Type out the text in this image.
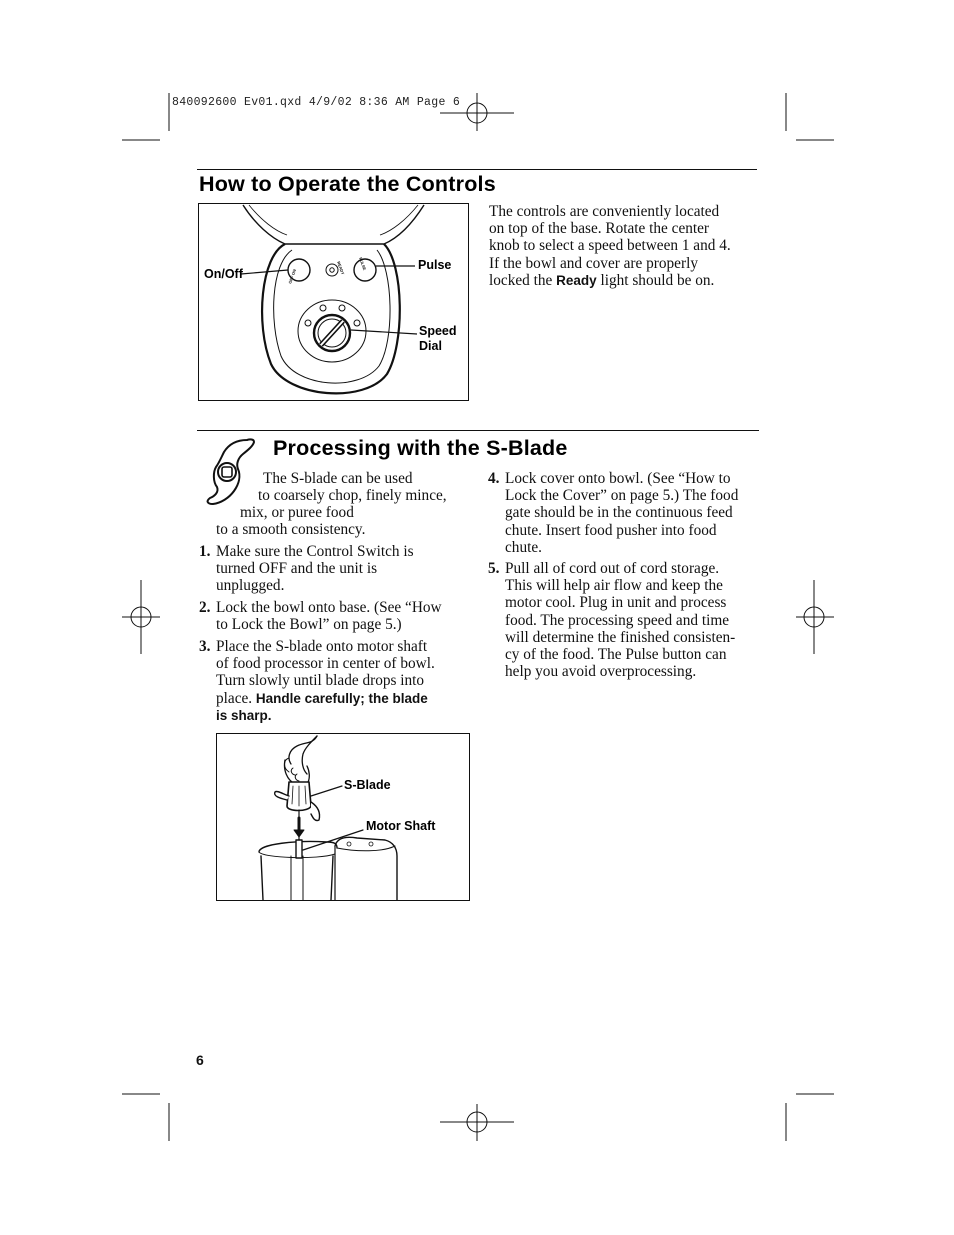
840092600 Ev01.qxd 4/9/02 8:36 AM Page 6
How to Operate the Controls
OFF ON
PULSE
READY
On/Off
Pulse
Speed
Dial

The controls are conveniently located

on top of the base. Rotate the center

knob to select a speed between 1 and 4.

If the bowl and cover are properly

locked the Ready light should be on.

Processing with the S-Blade
The S-blade can be used
to coarsely chop, finely mince,
mix, or puree food
to a smooth consistency.
1. Make sure the Control Switch is

turned OFF and the unit is

unplugged.

2. Lock the bowl onto base. (See “How

to Lock the Bowl” on page 5.)

3. Place the S-blade onto motor shaft

of food processor in center of bowl.

Turn slowly until blade drops into

place. Handle carefully; the blade

is sharp.

S-Blade
Motor Shaft
4. Lock cover onto bowl. (See “How to

Lock the Cover” on page 5.) The food

gate should be in the continuous feed

chute. Insert food pusher into food

chute.

5. Pull all of cord out of cord storage.

This will help air flow and keep the

motor cool. Plug in unit and process

food. The processing speed and time

will determine the finished consisten-

cy of the food. The Pulse button can

help you avoid overprocessing.

6
